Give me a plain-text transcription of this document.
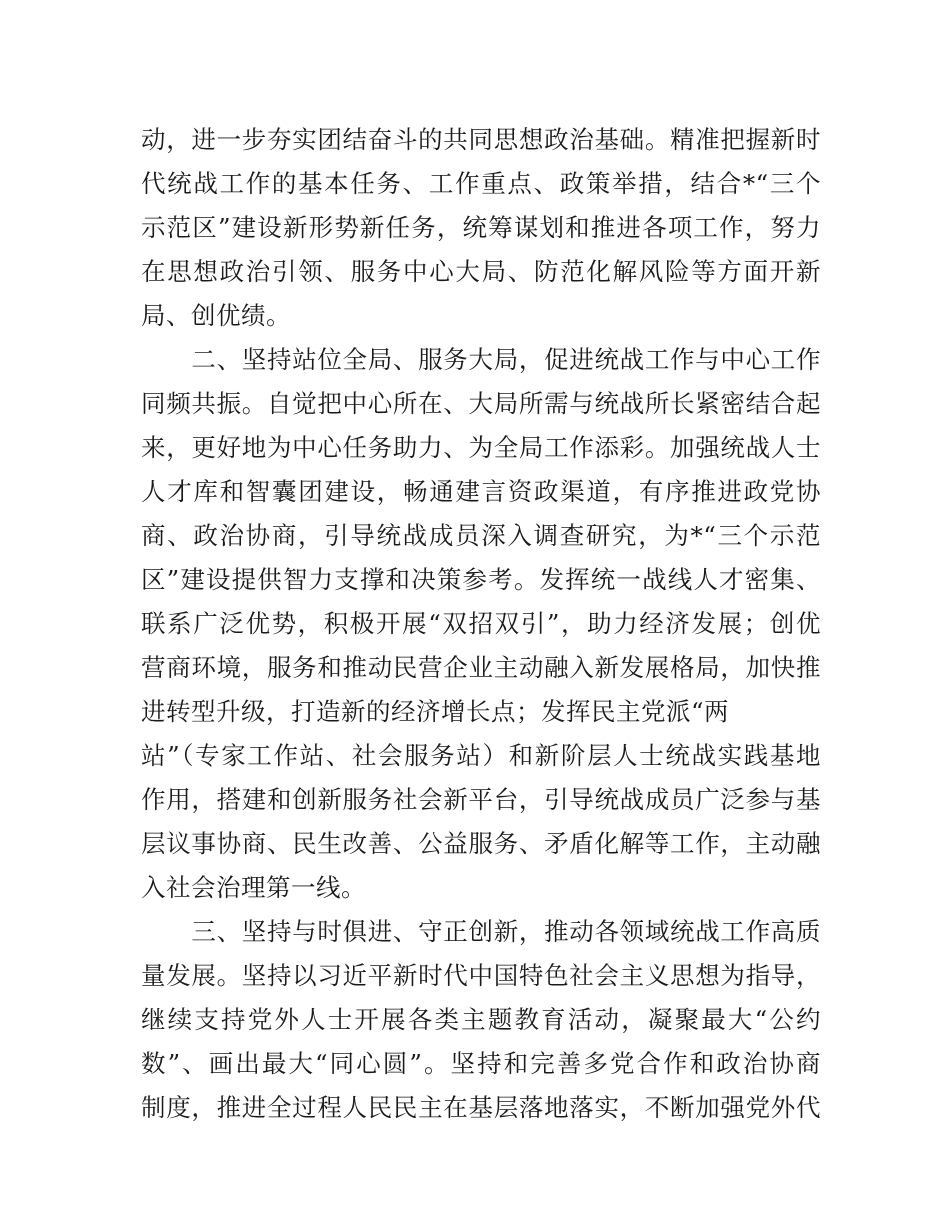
动，进一步夯实团结奋斗的共同思想政治基础。精准把握新时
代统战工作的基本任务、工作重点、政策举措，结合*“三个
示范区”建设新形势新任务，统筹谋划和推进各项工作，努力
在思想政治引领、服务中心大局、防范化解风险等方面开新
局、创优绩。
　　二、坚持站位全局、服务大局，促进统战工作与中心工作
同频共振。自觉把中心所在、大局所需与统战所长紧密结合起
来，更好地为中心任务助力、为全局工作添彩。加强统战人士
人才库和智囊团建设，畅通建言资政渠道，有序推进政党协
商、政治协商，引导统战成员深入调查研究，为*“三个示范
区”建设提供智力支撑和决策参考。发挥统一战线人才密集、
联系广泛优势，积极开展“双招双引”，助力经济发展；创优
营商环境，服务和推动民营企业主动融入新发展格局，加快推
进转型升级，打造新的经济增长点；发挥民主党派“两
站”（专家工作站、社会服务站）和新阶层人士统战实践基地
作用，搭建和创新服务社会新平台，引导统战成员广泛参与基
层议事协商、民生改善、公益服务、矛盾化解等工作，主动融
入社会治理第一线。
　　三、坚持与时俱进、守正创新，推动各领域统战工作高质
量发展。坚持以习近平新时代中国特色社会主义思想为指导，
继续支持党外人士开展各类主题教育活动，凝聚最大“公约
数”、画出最大“同心圆”。坚持和完善多党合作和政治协商
制度，推进全过程人民民主在基层落地落实，不断加强党外代
